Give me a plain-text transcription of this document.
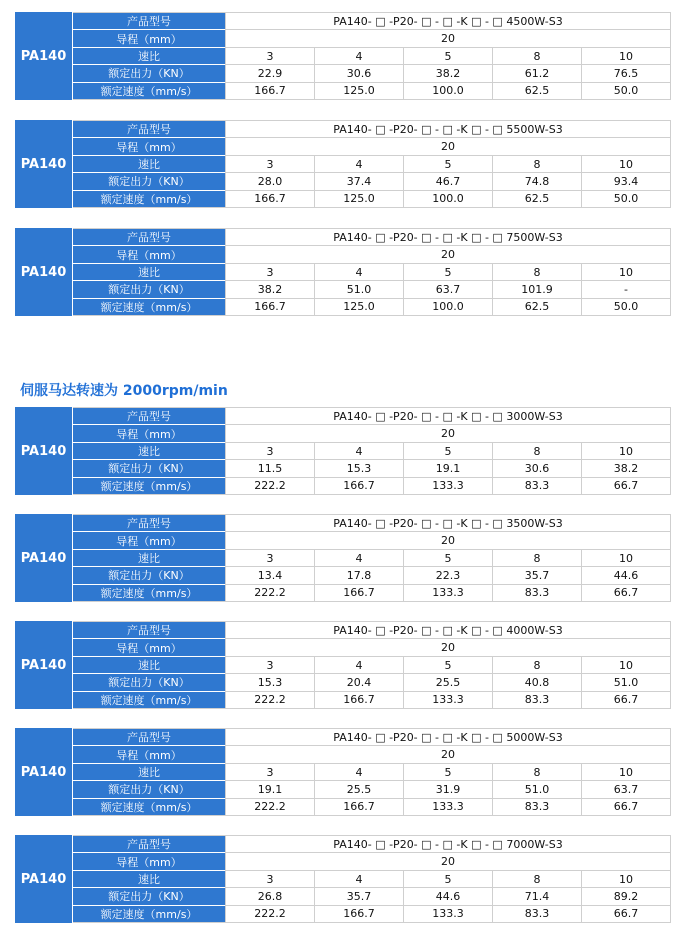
伺服马达转速为 2000rpm/min
PA140
产品型号	PA140- □ -P20- □ - □ -K □ - □ 4500W-S3
导程（mm）	20
速比	3	4	5	8	10
额定出力（KN）	22.9	30.6	38.2	61.2	76.5
额定速度（mm/s）	166.7	125.0	100.0	62.5	50.0
PA140
产品型号	PA140- □ -P20- □ - □ -K □ - □ 5500W-S3
导程（mm）	20
速比	3	4	5	8	10
额定出力（KN）	28.0	37.4	46.7	74.8	93.4
额定速度（mm/s）	166.7	125.0	100.0	62.5	50.0
PA140
产品型号	PA140- □ -P20- □ - □ -K □ - □ 7500W-S3
导程（mm）	20
速比	3	4	5	8	10
额定出力（KN）	38.2	51.0	63.7	101.9	-
额定速度（mm/s）	166.7	125.0	100.0	62.5	50.0
PA140
产品型号	PA140- □ -P20- □ - □ -K □ - □ 3000W-S3
导程（mm）	20
速比	3	4	5	8	10
额定出力（KN）	11.5	15.3	19.1	30.6	38.2
额定速度（mm/s）	222.2	166.7	133.3	83.3	66.7
PA140
产品型号	PA140- □ -P20- □ - □ -K □ - □ 3500W-S3
导程（mm）	20
速比	3	4	5	8	10
额定出力（KN）	13.4	17.8	22.3	35.7	44.6
额定速度（mm/s）	222.2	166.7	133.3	83.3	66.7
PA140
产品型号	PA140- □ -P20- □ - □ -K □ - □ 4000W-S3
导程（mm）	20
速比	3	4	5	8	10
额定出力（KN）	15.3	20.4	25.5	40.8	51.0
额定速度（mm/s）	222.2	166.7	133.3	83.3	66.7
PA140
产品型号	PA140- □ -P20- □ - □ -K □ - □ 5000W-S3
导程（mm）	20
速比	3	4	5	8	10
额定出力（KN）	19.1	25.5	31.9	51.0	63.7
额定速度（mm/s）	222.2	166.7	133.3	83.3	66.7
PA140
产品型号	PA140- □ -P20- □ - □ -K □ - □ 7000W-S3
导程（mm）	20
速比	3	4	5	8	10
额定出力（KN）	26.8	35.7	44.6	71.4	89.2
额定速度（mm/s）	222.2	166.7	133.3	83.3	66.7
